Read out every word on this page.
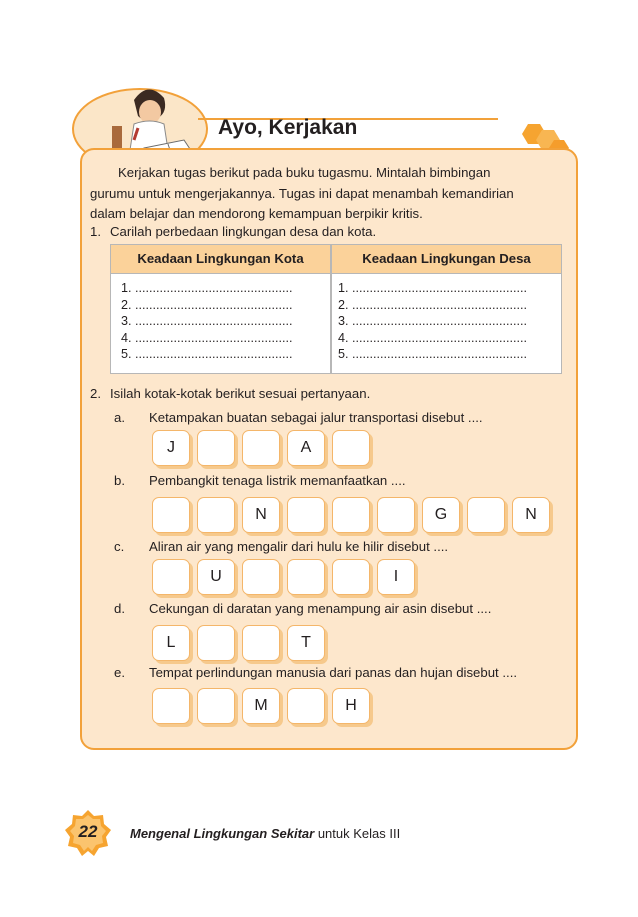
Ayo, Kerjakan
Kerjakan tugas berikut pada buku tugasmu. Mintalah bimbingan
gurumu untuk mengerjakannya. Tugas ini dapat menambah kemandirian
dalam belajar dan mendorong kemampuan berpikir kritis.
1. Carilah perbedaan lingkungan desa dan kota.
Keadaan Lingkungan Kota	Keadaan Lingkungan Desa
1. .............................................
2. .............................................
3. .............................................
4. .............................................
5. .............................................
1. ..................................................
2. ..................................................
3. ..................................................
4. ..................................................
5. ..................................................
2. Isilah kotak-kotak berikut sesuai pertanyaan.
a. Ketampakan buatan sebagai jalur transportasi disebut ....
J	A
b. Pembangkit tenaga listrik memanfaatkan ....
N	G	N
c. Aliran air yang mengalir dari hulu ke hilir disebut ....
U	I
d. Cekungan di daratan yang menampung air asin disebut ....
L	T
e. Tempat perlindungan manusia dari panas dan hujan disebut ....
M	H
22	Mengenal Lingkungan Sekitar untuk Kelas III
